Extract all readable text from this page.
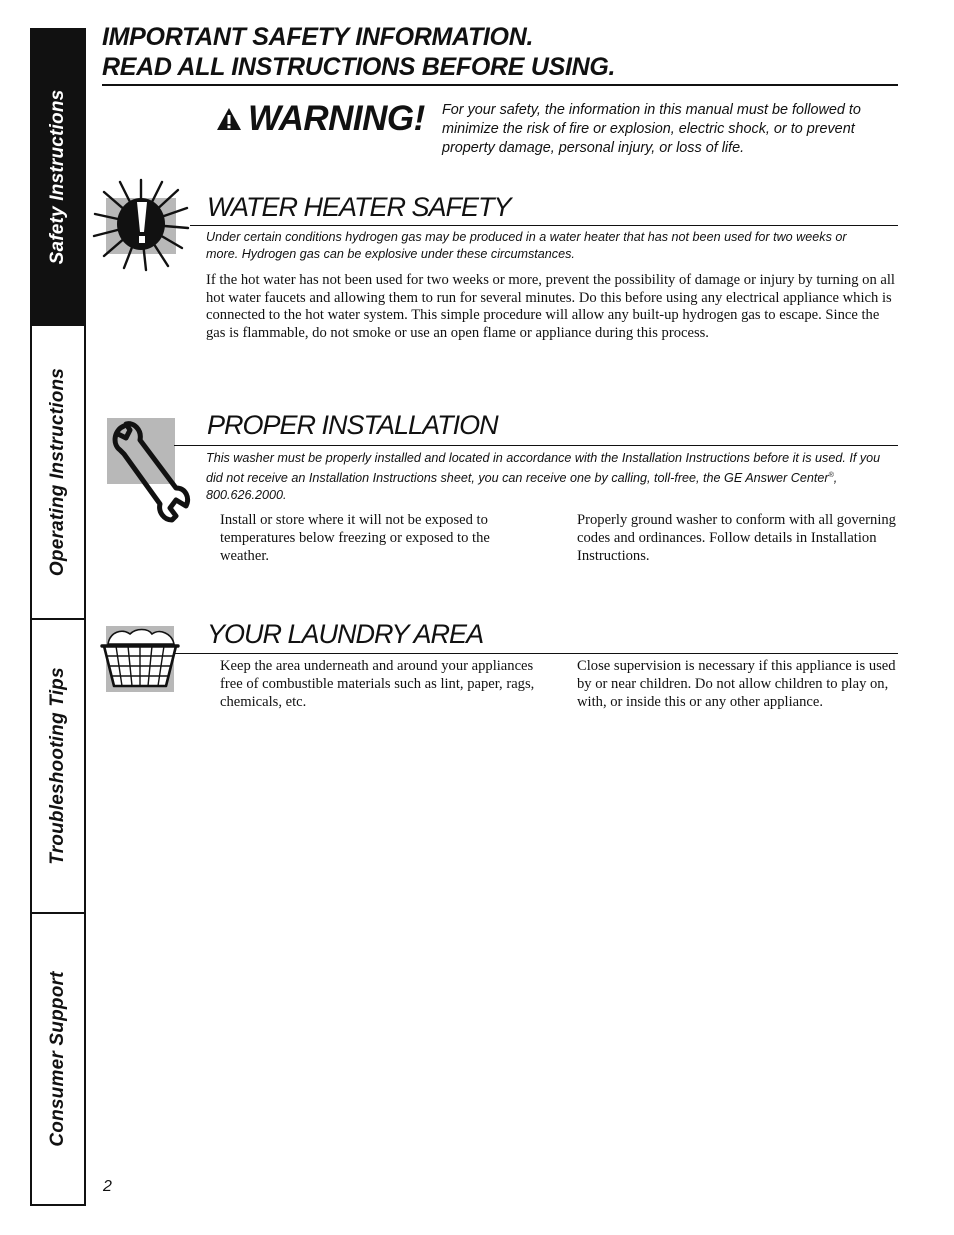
Safety Instructions
Operating Instructions
Troubleshooting Tips
Consumer Support
IMPORTANT SAFETY INFORMATION.
READ ALL INSTRUCTIONS BEFORE USING.
WARNING! For your safety, the information in this manual must be followed to minimize the risk of fire or explosion, electric shock, or to prevent property damage, personal injury, or loss of life.
WATER HEATER SAFETY
Under certain conditions hydrogen gas may be produced in a water heater that has not been used for two weeks or more. Hydrogen gas can be explosive under these circumstances.
If the hot water has not been used for two weeks or more, prevent the possibility of damage or injury by turning on all hot water faucets and allowing them to run for several minutes. Do this before using any electrical appliance which is connected to the hot water system. This simple procedure will allow any built-up hydrogen gas to escape. Since the gas is flammable, do not smoke or use an open flame or appliance during this process.
PROPER INSTALLATION
This washer must be properly installed and located in accordance with the Installation Instructions before it is used. If you did not receive an Installation Instructions sheet, you can receive one by calling, toll-free, the GE Answer Center®, 800.626.2000.
Install or store where it will not be exposed to temperatures below freezing or exposed to the weather.
Properly ground washer to conform with all governing codes and ordinances. Follow details in Installation Instructions.
YOUR LAUNDRY AREA
Keep the area underneath and around your appliances free of combustible materials such as lint, paper, rags, chemicals, etc.
Close supervision is necessary if this appliance is used by or near children. Do not allow children to play on, with, or inside this or any other appliance.
2
